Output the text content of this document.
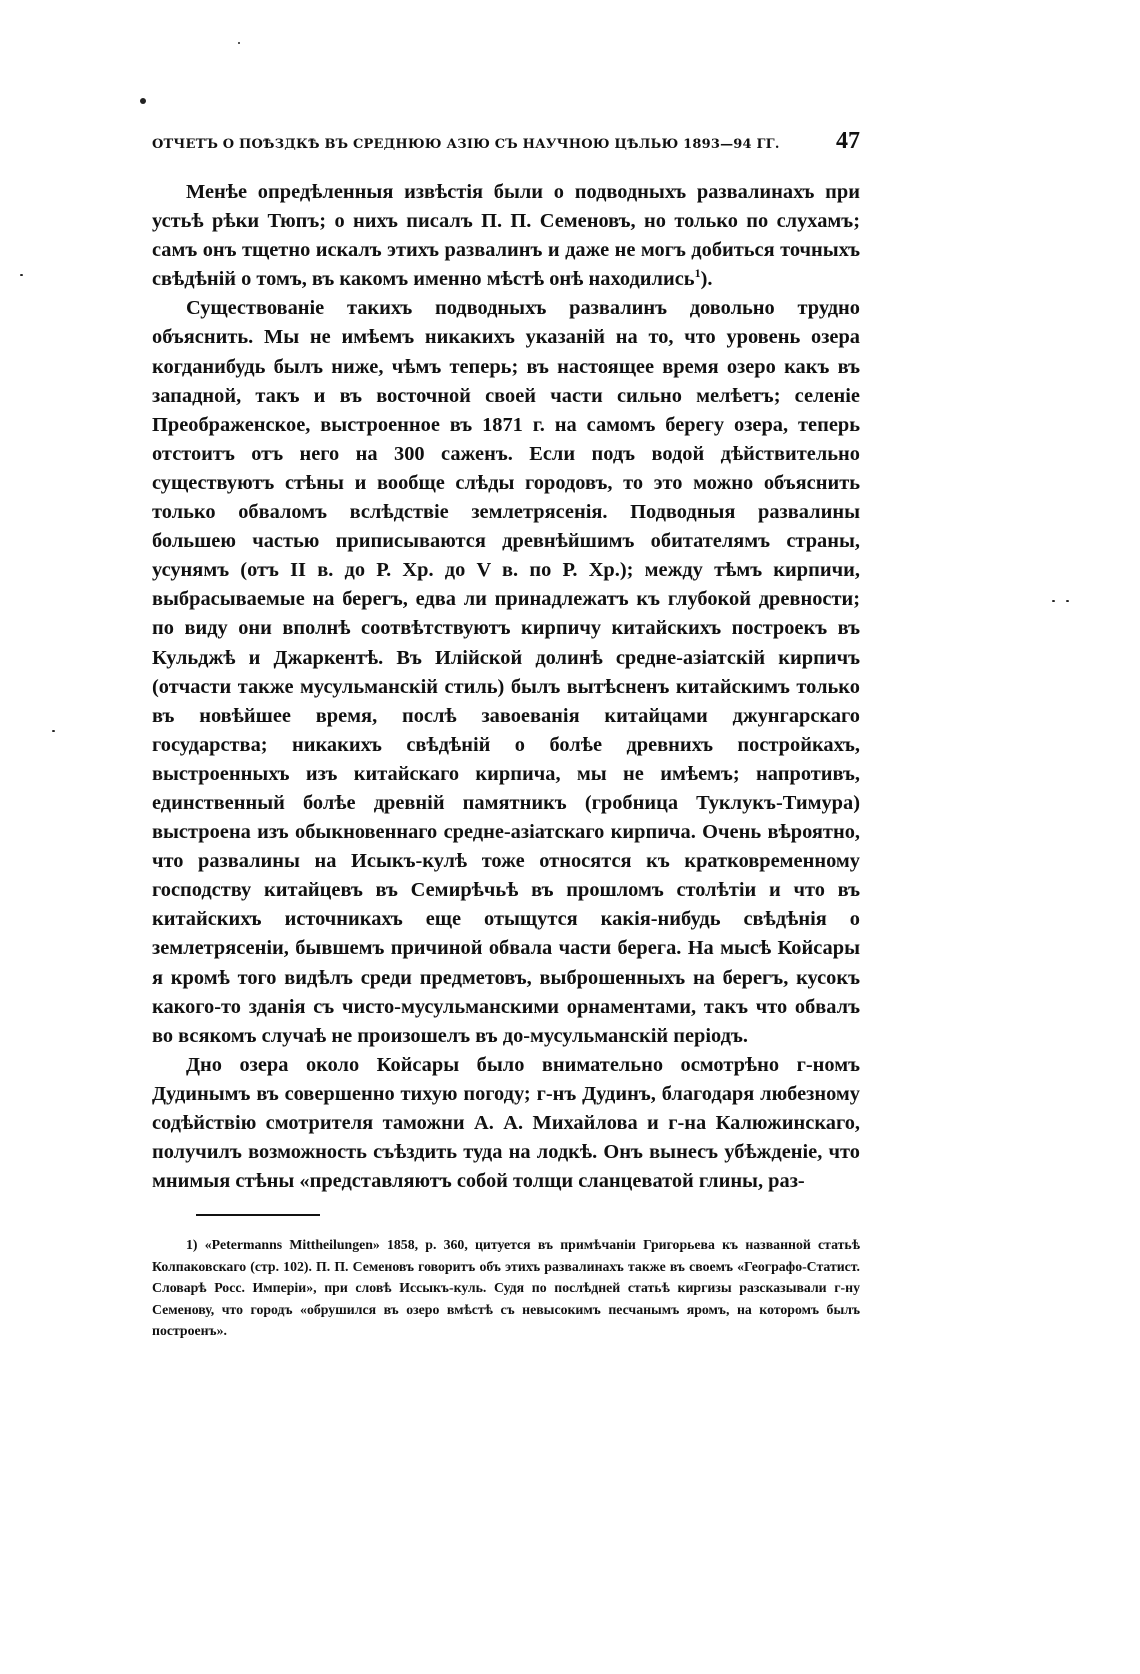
ОТЧЕТЪ О ПОѢЗДКѢ ВЪ СРЕДНЮЮ АЗІЮ СЪ НАУЧНОЮ ЦѢЛЬЮ 1893—94 ГГ. 47

Менѣе опредѣленныя извѣстія были о подводныхъ развалинахъ при устьѣ рѣки Тюпъ; о нихъ писалъ П. П. Семеновъ, но только по слухамъ; самъ онъ тщетно искалъ этихъ развалинъ и даже не могъ добиться точныхъ свѣдѣній о томъ, въ какомъ именно мѣстѣ онѣ находились$^1$).

Существованіе такихъ подводныхъ развалинъ довольно трудно объяснить. Мы не имѣемъ никакихъ указаній на то, что уровень озера когданибудь былъ ниже, чѣмъ теперь; въ настоящее время озеро какъ въ западной, такъ и въ восточной своей части сильно мелѣетъ; селеніе Преображенское, выстроенное въ 1871 г. на самомъ берегу озера, теперь отстоитъ отъ него на 300 саженъ. Если подъ водой дѣйствительно существуютъ стѣны и вообще слѣды городовъ, то это можно объяснить только обваломъ вслѣдствіе землетрясенія. Подводныя развалины большею частью приписываются древнѣйшимъ обитателямъ страны, усунямъ (отъ II в. до Р. Хр. до V в. по Р. Хр.); между тѣмъ кирпичи, выбрасываемые на берегъ, едва ли принадлежатъ къ глубокой древности; по виду они вполнѣ соотвѣтствуютъ кирпичу китайскихъ построекъ въ Кульджѣ и Джаркентѣ. Въ Илійской долинѣ средне-азіатскій кирпичъ (отчасти также мусульманскій стиль) былъ вытѣсненъ китайскимъ только въ новѣйшее время, послѣ завоеванія китайцами джунгарскаго государства; никакихъ свѣдѣній о болѣе древнихъ постройкахъ, выстроенныхъ изъ китайскаго кирпича, мы не имѣемъ; напротивъ, единственный болѣе древній памятникъ (гробница Туклукъ-Тимура) выстроена изъ обыкновеннаго средне-азіатскаго кирпича. Очень вѣроятно, что развалины на Исыкъ-кулѣ тоже относятся къ кратковременному господству китайцевъ въ Семирѣчьѣ въ прошломъ столѣтіи и что въ китайскихъ источникахъ еще отыщутся какія-нибудь свѣдѣнія о землетрясеніи, бывшемъ причиной обвала части берега. На мысѣ Койсары я кромѣ того видѣлъ среди предметовъ, выброшенныхъ на берегъ, кусокъ какого-то зданія съ чисто-мусульманскими орнаментами, такъ что обвалъ во всякомъ случаѣ не произошелъ въ до-мусульманскій періодъ.

Дно озера около Койсары было внимательно осмотрѣно г-номъ Дудинымъ въ совершенно тихую погоду; г-нъ Дудинъ, благодаря любезному содѣйствію смотрителя таможни А. А. Михайлова и г-на Калюжинскаго, получилъ возможность съѣздить туда на лодкѣ. Онъ вынесъ убѣжденіе, что мнимыя стѣны «представляютъ собой толщи сланцеватой глины, раз-

1) «Petermanns Mittheilungen» 1858, p. 360, цитуется въ примѣчаніи Григорьева къ названной статьѣ Колпаковскаго (стр. 102). П. П. Семеновъ говоритъ объ этихъ развалинахъ также въ своемъ «Географо-Статист. Словарѣ Росс. Имперіи», при словѣ Иссыкъ-куль. Судя по послѣдней статьѣ киргизы разсказывали г-ну Семенову, что городъ «обрушился въ озеро вмѣстѣ съ невысокимъ песчанымъ яромъ, на которомъ былъ построенъ».
